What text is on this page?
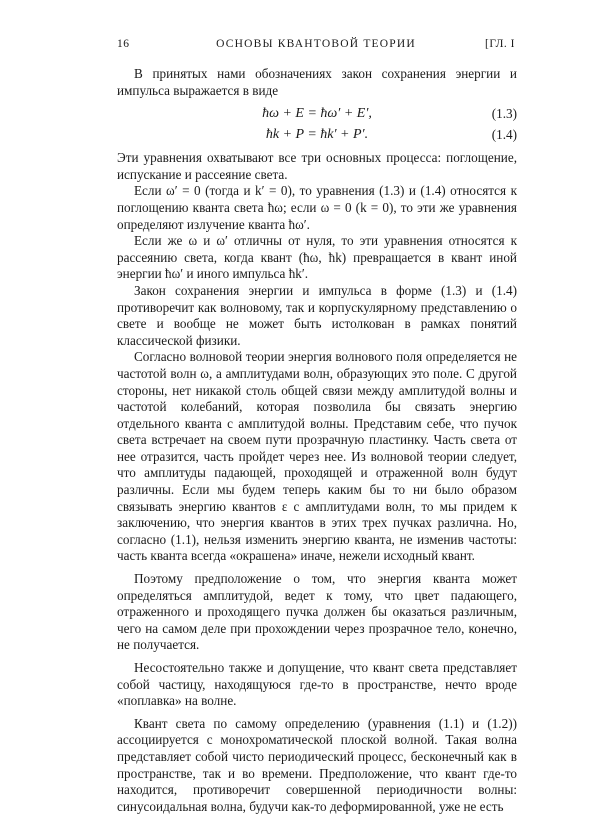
16	ОСНОВЫ КВАНТОВОЙ ТЕОРИИ	[ГЛ. I

В принятых нами обозначениях закон сохранения энергии и импульса выражается в виде

ħω + E = ħω′ + E′,	(1.3)
ħk + P = ħk′ + P′.	(1.4)

Эти уравнения охватывают все три основных процесса: поглощение, испускание и рассеяние света.

Если ω′ = 0 (тогда и k′ = 0), то уравнения (1.3) и (1.4) относятся к поглощению кванта света ħω; если ω = 0 (k = 0), то эти же уравнения определяют излучение кванта ħω′.

Если же ω и ω′ отличны от нуля, то эти уравнения относятся к рассеянию света, когда квант (ħω, ħk) превращается в квант иной энергии ħω′ и иного импульса ħk′.

Закон сохранения энергии и импульса в форме (1.3) и (1.4) противоречит как волновому, так и корпускулярному представлению о свете и вообще не может быть истолкован в рамках понятий классической физики.

Согласно волновой теории энергия волнового поля определяется не частотой волн ω, а амплитудами волн, образующих это поле. С другой стороны, нет никакой столь общей связи между амплитудой волны и частотой колебаний, которая позволила бы связать энергию отдельного кванта с амплитудой волны. Представим себе, что пучок света встречает на своем пути прозрачную пластинку. Часть света от нее отразится, часть пройдет через нее. Из волновой теории следует, что амплитуды падающей, проходящей и отраженной волн будут различны. Если мы будем теперь каким бы то ни было образом связывать энергию квантов ε с амплитудами волн, то мы придем к заключению, что энергия квантов в этих трех пучках различна. Но, согласно (1.1), нельзя изменить энергию кванта, не изменив частоты: часть кванта всегда «окрашена» иначе, нежели исходный квант.

Поэтому предположение о том, что энергия кванта может определяться амплитудой, ведет к тому, что цвет падающего, отраженного и проходящего пучка должен бы оказаться различным, чего на самом деле при прохождении через прозрачное тело, конечно, не получается.

Несостоятельно также и допущение, что квант света представляет собой частицу, находящуюся где-то в пространстве, нечто вроде «поплавка» на волне.

Квант света по самому определению (уравнения (1.1) и (1.2)) ассоциируется с монохроматической плоской волной. Такая волна представляет собой чисто периодический процесс, бесконечный как в пространстве, так и во времени. Предположение, что квант где-то находится, противоречит совершенной периодичности волны: синусоидальная волна, будучи как-то деформированной, уже не есть
